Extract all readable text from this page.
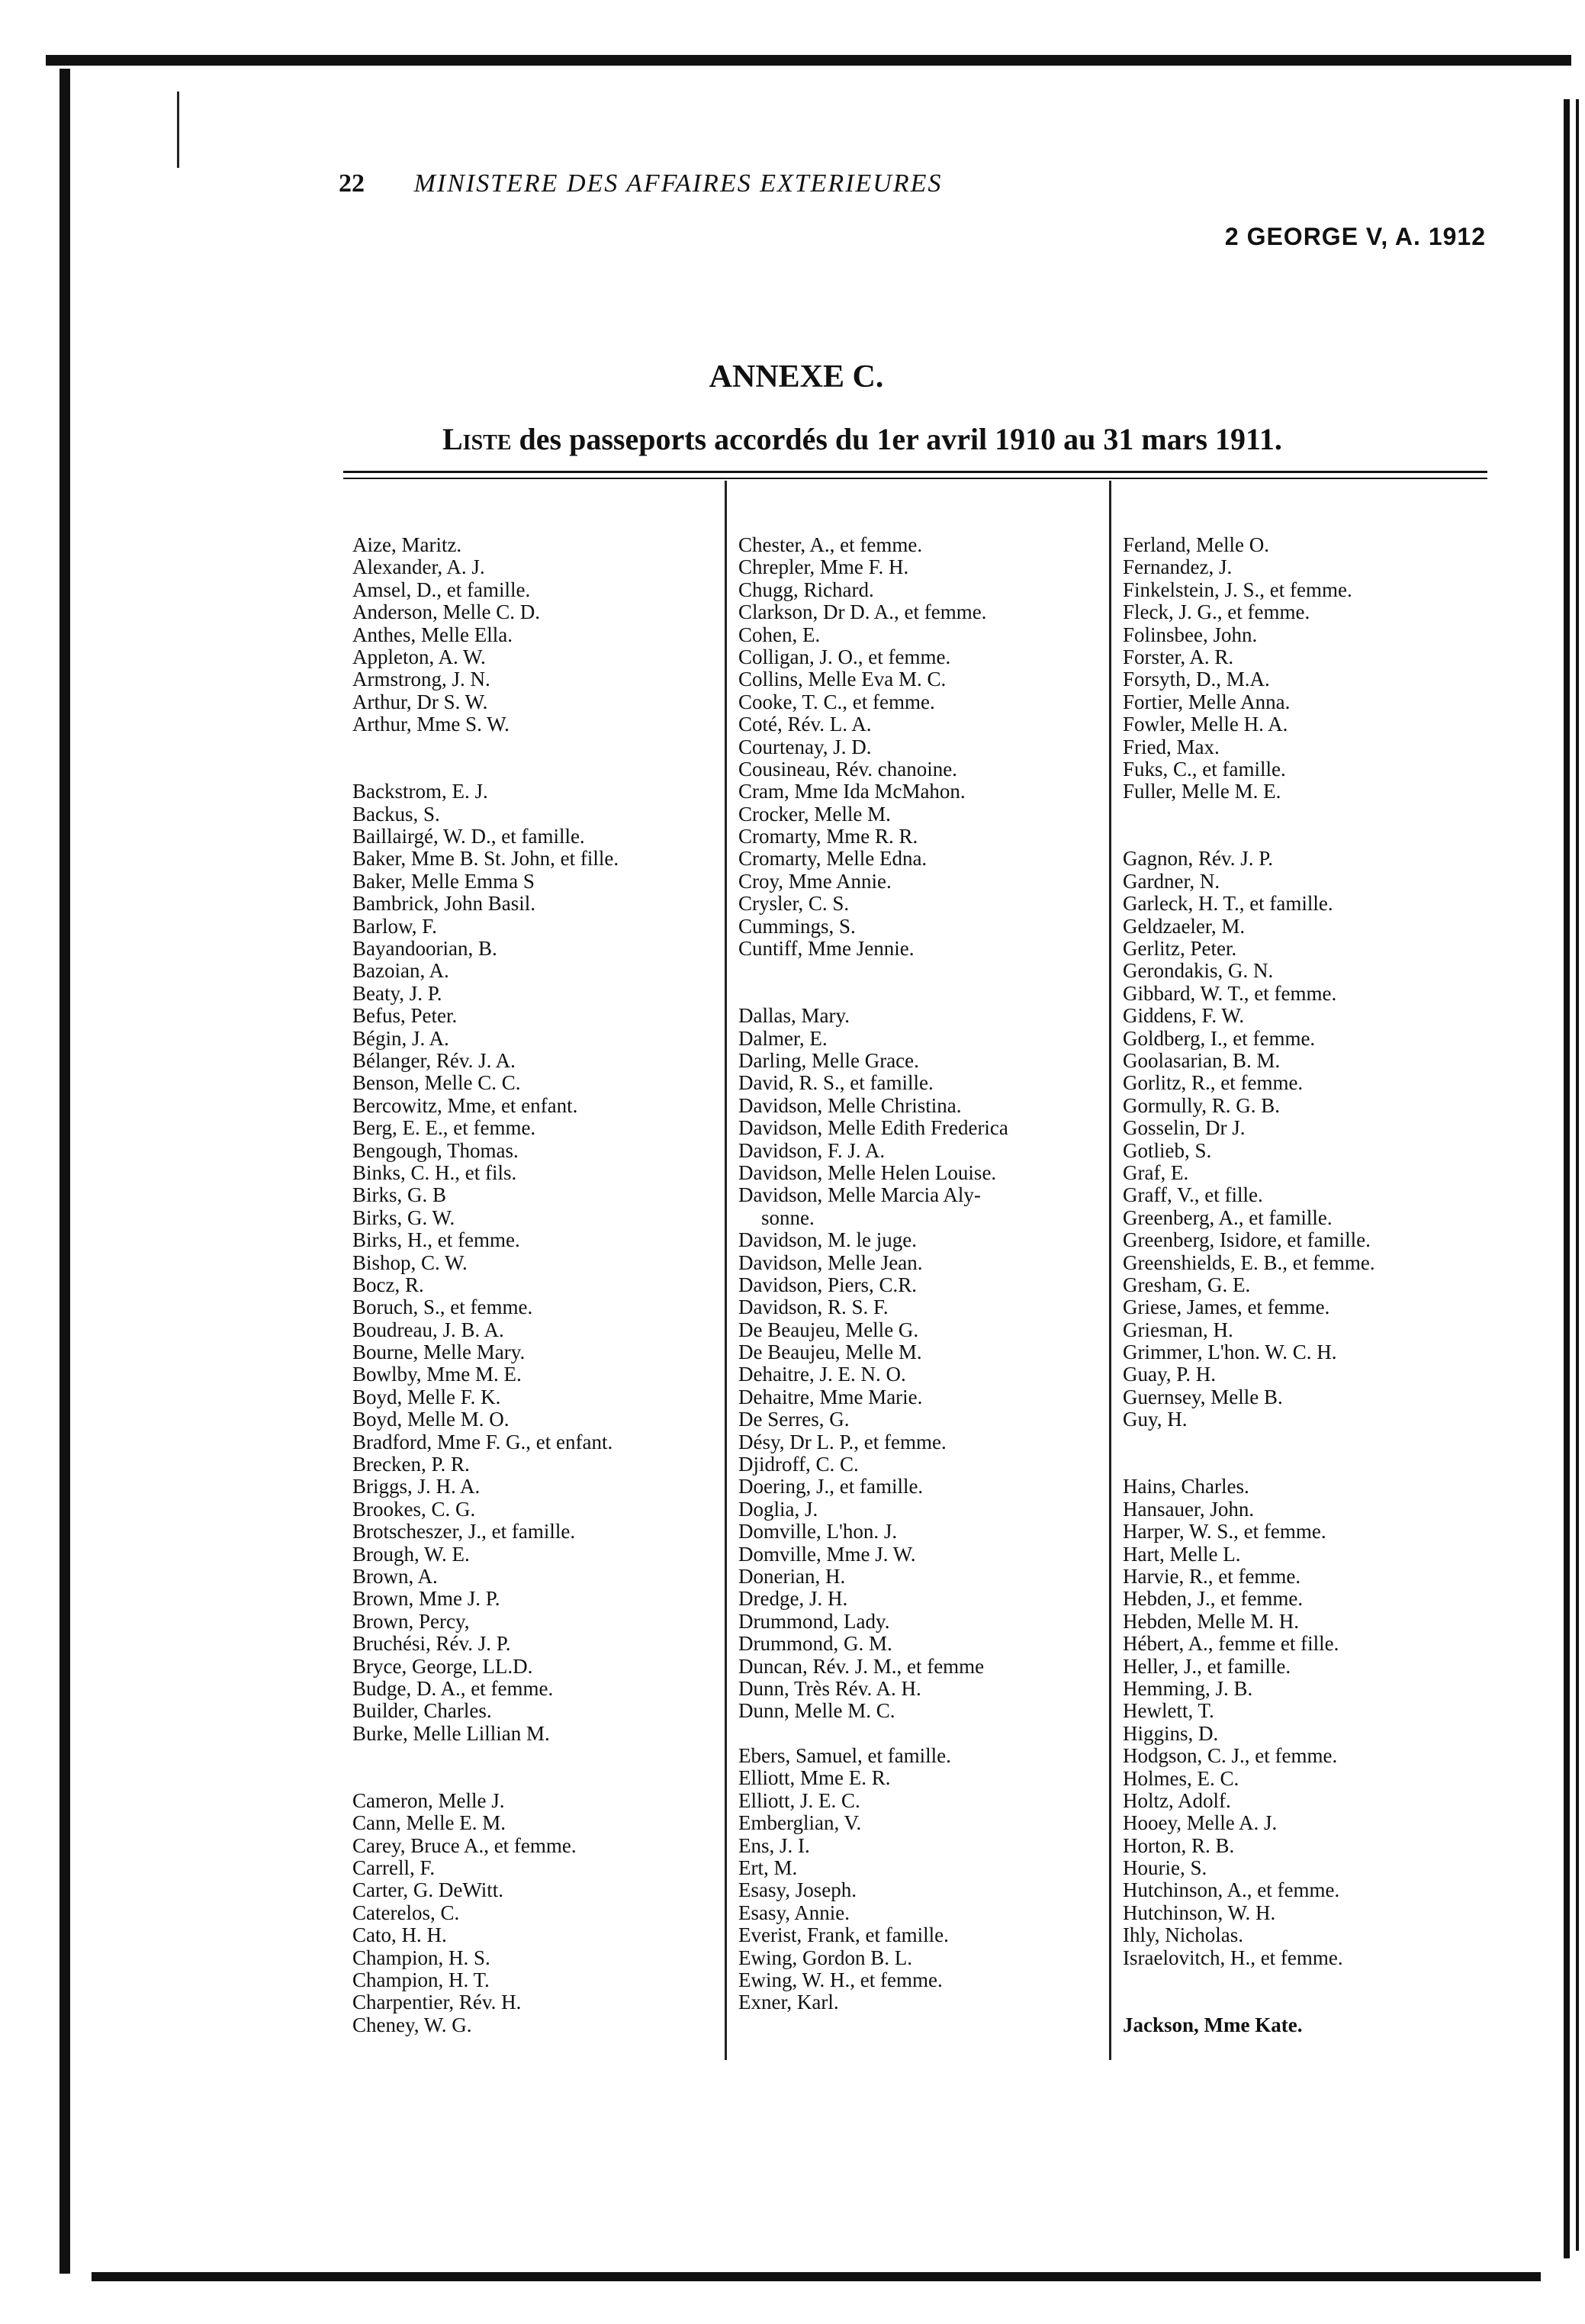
22	MINISTERE DES AFFAIRES EXTERIEURES
2 GEORGE V, A. 1912
ANNEXE C.
Liste des passeports accordés du 1er avril 1910 au 31 mars 1911.
Aize, Maritz.
Alexander, A. J.
Amsel, D., et famille.
Anderson, Melle C. D.
Anthes, Melle Ella.
Appleton, A. W.
Armstrong, J. N.
Arthur, Dr S. W.
Arthur, Mme S. W.
Backstrom, E. J.
Backus, S.
Baillairgé, W. D., et famille.
Baker, Mme B. St. John, et fille.
Baker, Melle Emma S
Bambrick, John Basil.
Barlow, F.
Bayandoorian, B.
Bazoian, A.
Beaty, J. P.
Befus, Peter.
Bégin, J. A.
Bélanger, Rév. J. A.
Benson, Melle C. C.
Bercowitz, Mme, et enfant.
Berg, E. E., et femme.
Bengough, Thomas.
Binks, C. H., et fils.
Birks, G. B
Birks, G. W.
Birks, H., et femme.
Bishop, C. W.
Bocz, R.
Boruch, S., et femme.
Boudreau, J. B. A.
Bourne, Melle Mary.
Bowlby, Mme M. E.
Boyd, Melle F. K.
Boyd, Melle M. O.
Bradford, Mme F. G., et enfant.
Brecken, P. R.
Briggs, J. H. A.
Brookes, C. G.
Brotscheszer, J., et famille.
Brough, W. E.
Brown, A.
Brown, Mme J. P.
Brown, Percy,
Bruchési, Rév. J. P.
Bryce, George, LL.D.
Budge, D. A., et femme.
Builder, Charles.
Burke, Melle Lillian M.
Cameron, Melle J.
Cann, Melle E. M.
Carey, Bruce A., et femme.
Carrell, F.
Carter, G. DeWitt.
Caterelos, C.
Cato, H. H.
Champion, H. S.
Champion, H. T.
Charpentier, Rév. H.
Cheney, W. G.
Chester, A., et femme.
Chrepler, Mme F. H.
Chugg, Richard.
Clarkson, Dr D. A., et femme.
Cohen, E.
Colligan, J. O., et femme.
Collins, Melle Eva M. C.
Cooke, T. C., et femme.
Coté, Rév. L. A.
Courtenay, J. D.
Cousineau, Rév. chanoine.
Cram, Mme Ida McMahon.
Crocker, Melle M.
Cromarty, Mme R. R.
Cromarty, Melle Edna.
Croy, Mme Annie.
Crysler, C. S.
Cummings, S.
Cuntiff, Mme Jennie.
Dallas, Mary.
Dalmer, E.
Darling, Melle Grace.
David, R. S., et famille.
Davidson, Melle Christina.
Davidson, Melle Edith Frederica
Davidson, F. J. A.
Davidson, Melle Helen Louise.
Davidson, Melle Marcia Aly-
sonne.
Davidson, M. le juge.
Davidson, Melle Jean.
Davidson, Piers, C.R.
Davidson, R. S. F.
De Beaujeu, Melle G.
De Beaujeu, Melle M.
Dehaitre, J. E. N. O.
Dehaitre, Mme Marie.
De Serres, G.
Désy, Dr L. P., et femme.
Djidroff, C. C.
Doering, J., et famille.
Doglia, J.
Domville, L'hon. J.
Domville, Mme J. W.
Donerian, H.
Dredge, J. H.
Drummond, Lady.
Drummond, G. M.
Duncan, Rév. J. M., et femme
Dunn, Très Rév. A. H.
Dunn, Melle M. C.
Ebers, Samuel, et famille.
Elliott, Mme E. R.
Elliott, J. E. C.
Emberglian, V.
Ens, J. I.
Ert, M.
Esasy, Joseph.
Esasy, Annie.
Everist, Frank, et famille.
Ewing, Gordon B. L.
Ewing, W. H., et femme.
Exner, Karl.
Ferland, Melle O.
Fernandez, J.
Finkelstein, J. S., et femme.
Fleck, J. G., et femme.
Folinsbee, John.
Forster, A. R.
Forsyth, D., M.A.
Fortier, Melle Anna.
Fowler, Melle H. A.
Fried, Max.
Fuks, C., et famille.
Fuller, Melle M. E.
Gagnon, Rév. J. P.
Gardner, N.
Garleck, H. T., et famille.
Geldzaeler, M.
Gerlitz, Peter.
Gerondakis, G. N.
Gibbard, W. T., et femme.
Giddens, F. W.
Goldberg, I., et femme.
Goolasarian, B. M.
Gorlitz, R., et femme.
Gormully, R. G. B.
Gosselin, Dr J.
Gotlieb, S.
Graf, E.
Graff, V., et fille.
Greenberg, A., et famille.
Greenberg, Isidore, et famille.
Greenshields, E. B., et femme.
Gresham, G. E.
Griese, James, et femme.
Griesman, H.
Grimmer, L'hon. W. C. H.
Guay, P. H.
Guernsey, Melle B.
Guy, H.
Hains, Charles.
Hansauer, John.
Harper, W. S., et femme.
Hart, Melle L.
Harvie, R., et femme.
Hebden, J., et femme.
Hebden, Melle M. H.
Hébert, A., femme et fille.
Heller, J., et famille.
Hemming, J. B.
Hewlett, T.
Higgins, D.
Hodgson, C. J., et femme.
Holmes, E. C.
Holtz, Adolf.
Hooey, Melle A. J.
Horton, R. B.
Hourie, S.
Hutchinson, A., et femme.
Hutchinson, W. H.
Ihly, Nicholas.
Israelovitch, H., et femme.
Jackson, Mme Kate.
